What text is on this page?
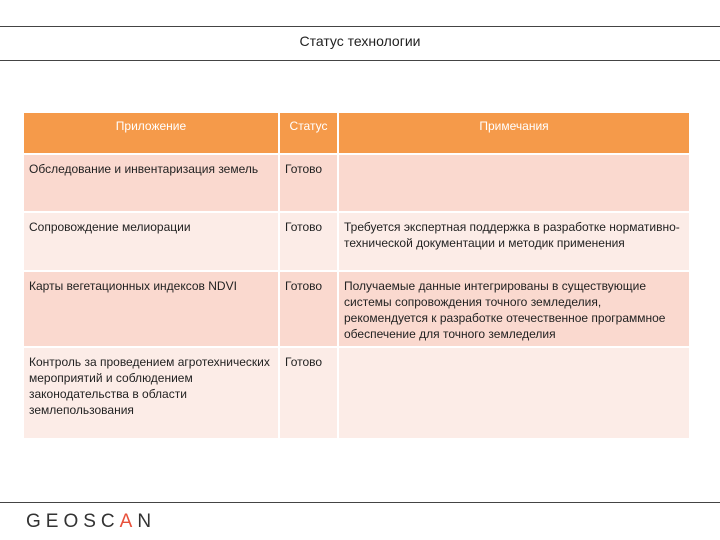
Статус технологии
Приложение	Статус	Примечания
Обследование и инвентаризация земель	Готово	
Сопровождение мелиорации	Готово	Требуется экспертная поддержка в разработке нормативно-технической документации и методик применения
Карты вегетационных индексов NDVI	Готово	Получаемые данные интегрированы в существующие системы сопровождения точного земледелия, рекомендуется к разработке отечественное программное обеспечение для точного земледелия
Контроль за проведением агротехнических мероприятий и соблюдением законодательства в области землепользования	Готово	
GEOSCAN
